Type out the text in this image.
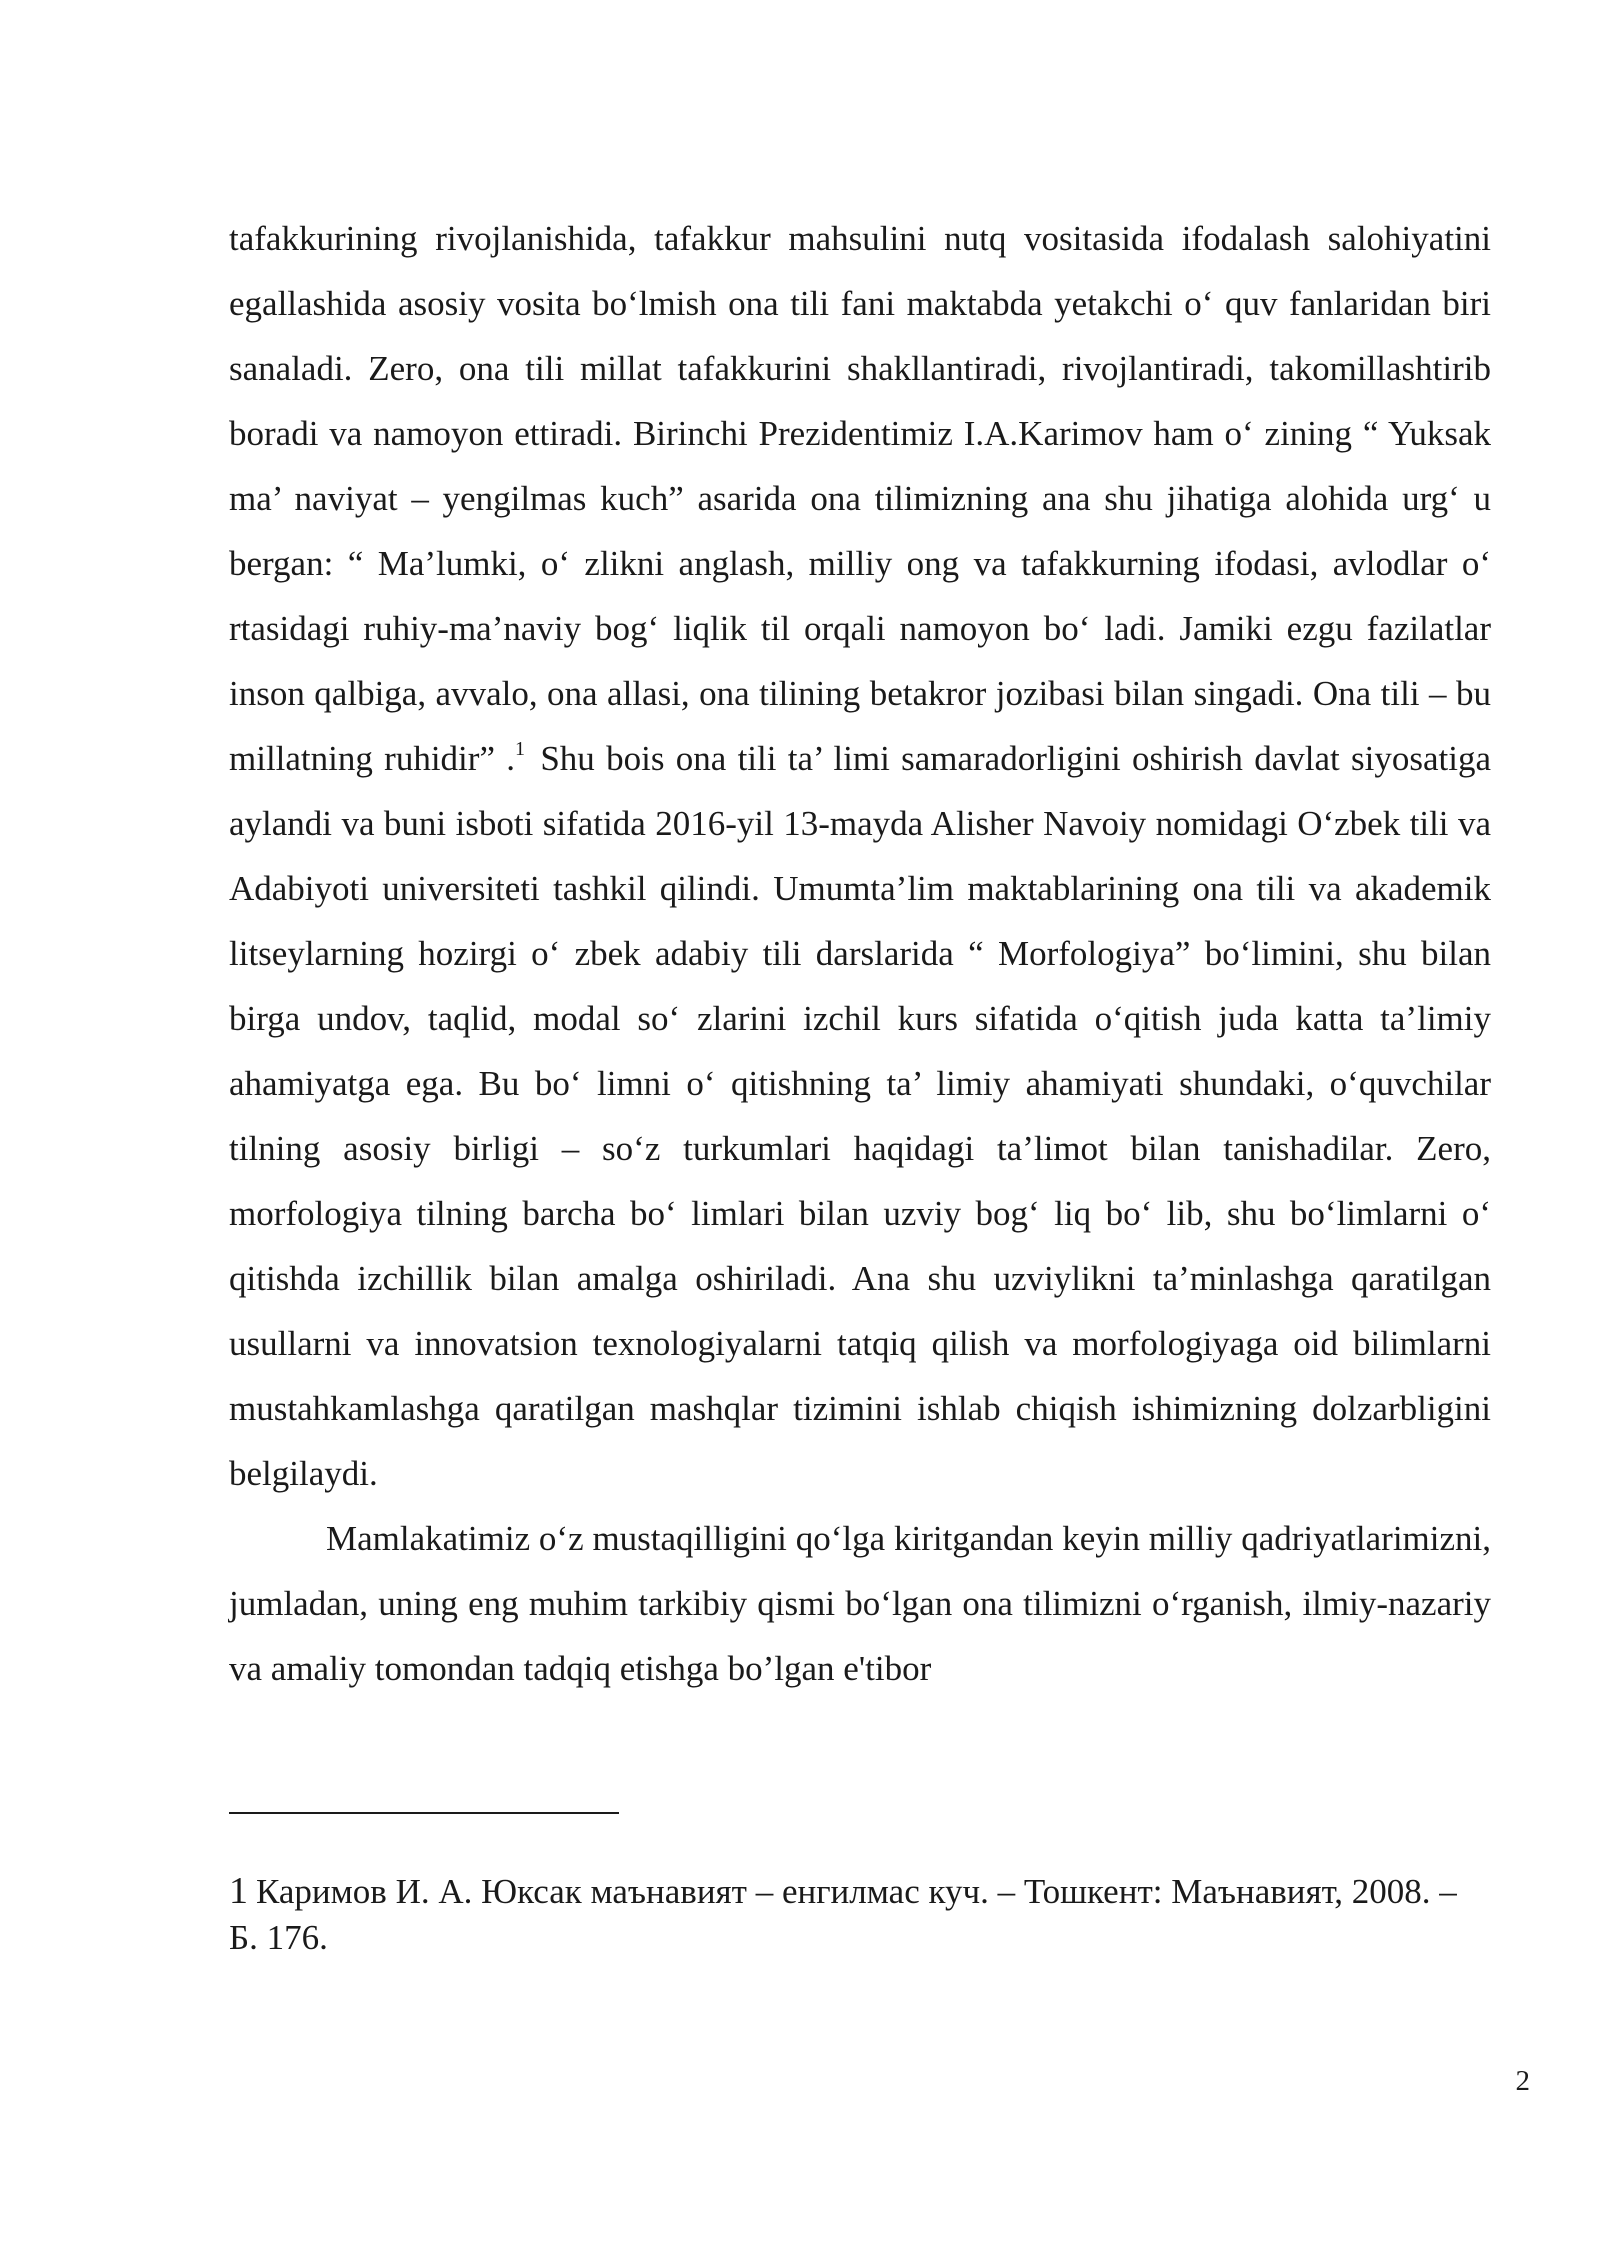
tafakkurining rivojlanishida, tafakkur mahsulini nutq vositasida ifodalash salohiyatini egallashida asosiy vosita bo‘lmish ona tili fani maktabda yetakchi o‘ quv fanlaridan biri sanaladi. Zero, ona tili millat tafakkurini shakllantiradi, rivojlantiradi, takomillashtirib boradi va namoyon ettiradi. Birinchi Prezidentimiz I.A.Karimov ham o‘ zining “ Yuksak ma’ naviyat – yengilmas kuch” asarida ona tilimizning ana shu jihatiga alohida urg‘ u bergan: “ Ma’lumki, o‘ zlikni anglash, milliy ong va tafakkurning ifodasi, avlodlar o‘ rtasidagi ruhiy-ma’naviy bog‘ liqlik til orqali namoyon bo‘ ladi. Jamiki ezgu fazilatlar inson qalbiga, avvalo, ona allasi, ona tilining betakror jozibasi bilan singadi. Ona tili – bu millatning ruhidir” .$^1$ Shu bois ona tili ta’ limi samaradorligini oshirish davlat siyosatiga aylandi va buni isboti sifatida 2016-yil 13-mayda Alisher Navoiy nomidagi O‘zbek tili va Adabiyoti universiteti tashkil qilindi. Umumta’lim maktablarining ona tili va akademik litseylarning hozirgi o‘ zbek adabiy tili darslarida “ Morfologiya” bo‘limini, shu bilan birga undov, taqlid, modal so‘ zlarini izchil kurs sifatida o‘qitish juda katta ta’limiy ahamiyatga ega. Bu bo‘ limni o‘ qitishning ta’ limiy ahamiyati shundaki, o‘quvchilar tilning asosiy birligi – so‘z turkumlari haqidagi ta’limot bilan tanishadilar. Zero, morfologiya tilning barcha bo‘ limlari bilan uzviy bog‘ liq bo‘ lib, shu bo‘limlarni o‘ qitishda izchillik bilan amalga oshiriladi. Ana shu uzviylikni ta’minlashga qaratilgan usullarni va innovatsion texnologiyalarni tatqiq qilish va morfologiyaga oid bilimlarni mustahkamlashga qaratilgan mashqlar tizimini ishlab chiqish ishimizning dolzarbligini belgilaydi.

Mamlakatimiz o‘z mustaqilligini qo‘lga kiritgandan keyin milliy qadriyatlarimizni, jumladan, uning eng muhim tarkibiy qismi bo‘lgan ona tilimizni o‘rganish, ilmiy-nazariy va amaliy tomondan tadqiq etishga bo’lgan e'tibor

1 Каримов И. А. Юксак маънавият – енгилмас куч. – Тошкент: Маънавият, 2008. – Б. 176.
2
